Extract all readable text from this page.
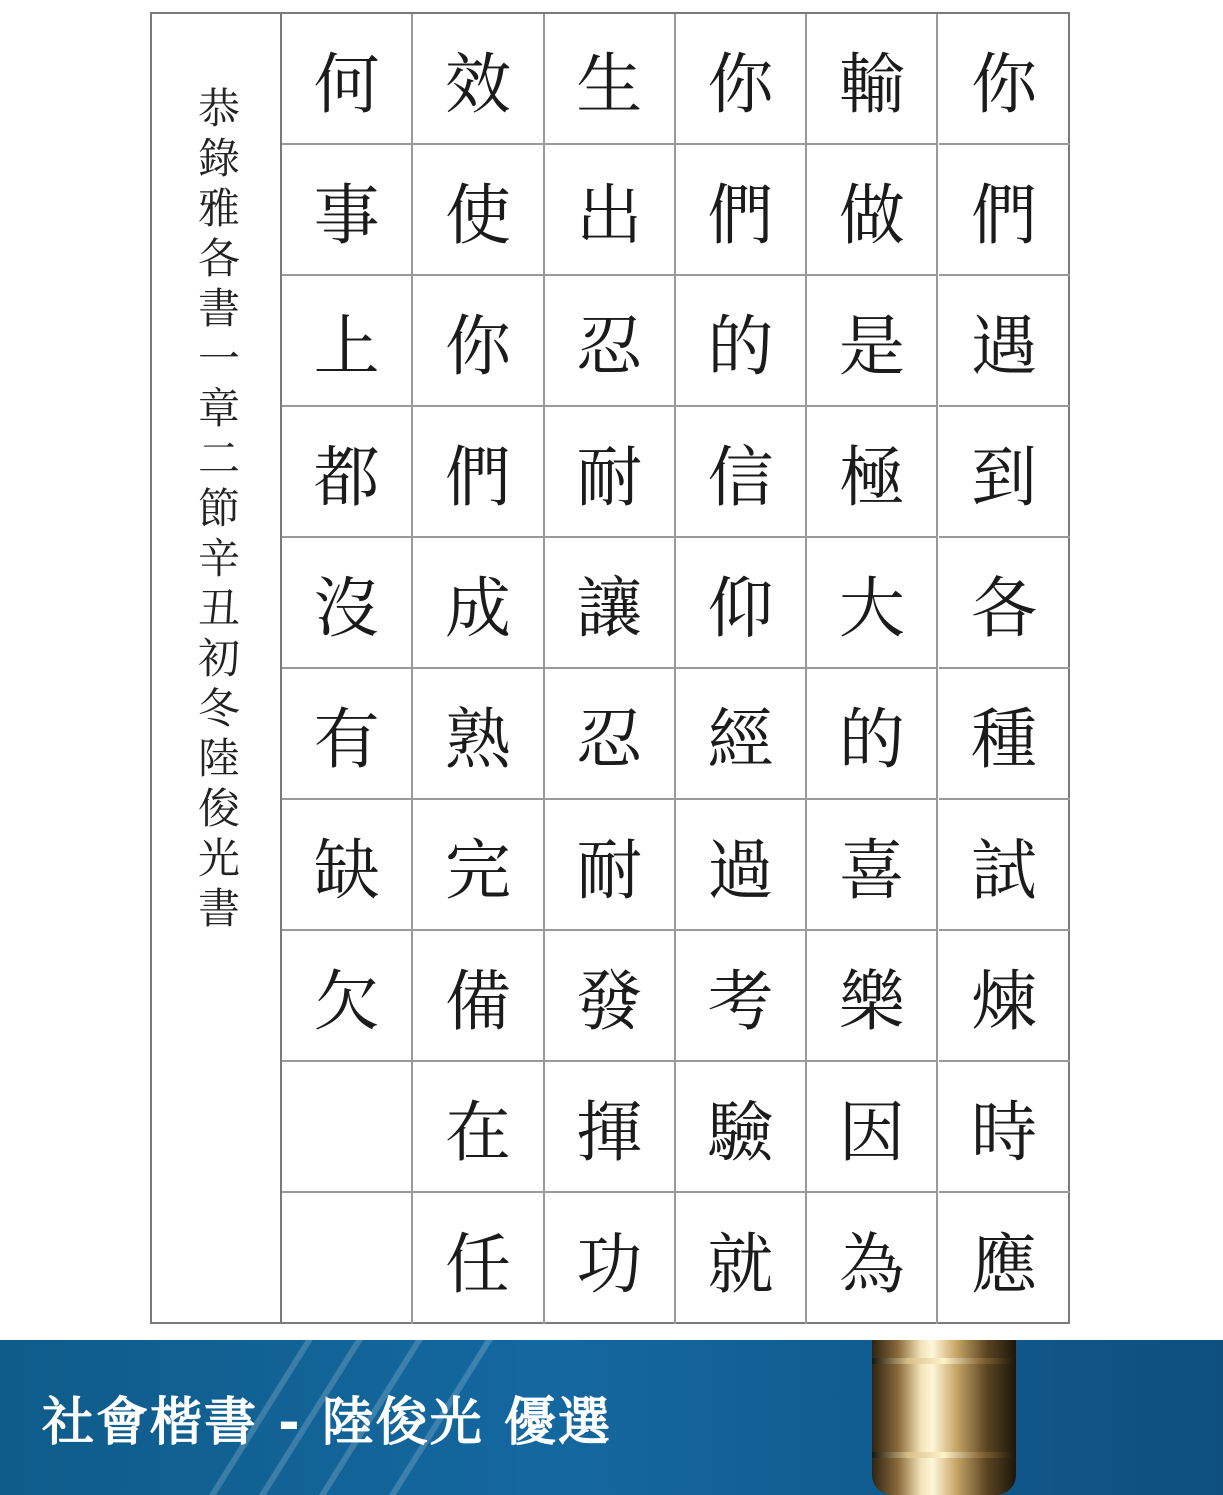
恭
錄
雅
各
書
一
章
二
節
辛
丑
初
冬
陸
俊
光
書
你
們
遇
到
各
種
試
煉
時
應
輸
做
是
極
大
的
喜
樂
因
為
你
們
的
信
仰
經
過
考
驗
就
生
出
忍
耐
讓
忍
耐
發
揮
功
效
使
你
們
成
熟
完
備
在
任
何
事
上
都
沒
有
缺
欠
社會楷書 - 陸俊光 優選
